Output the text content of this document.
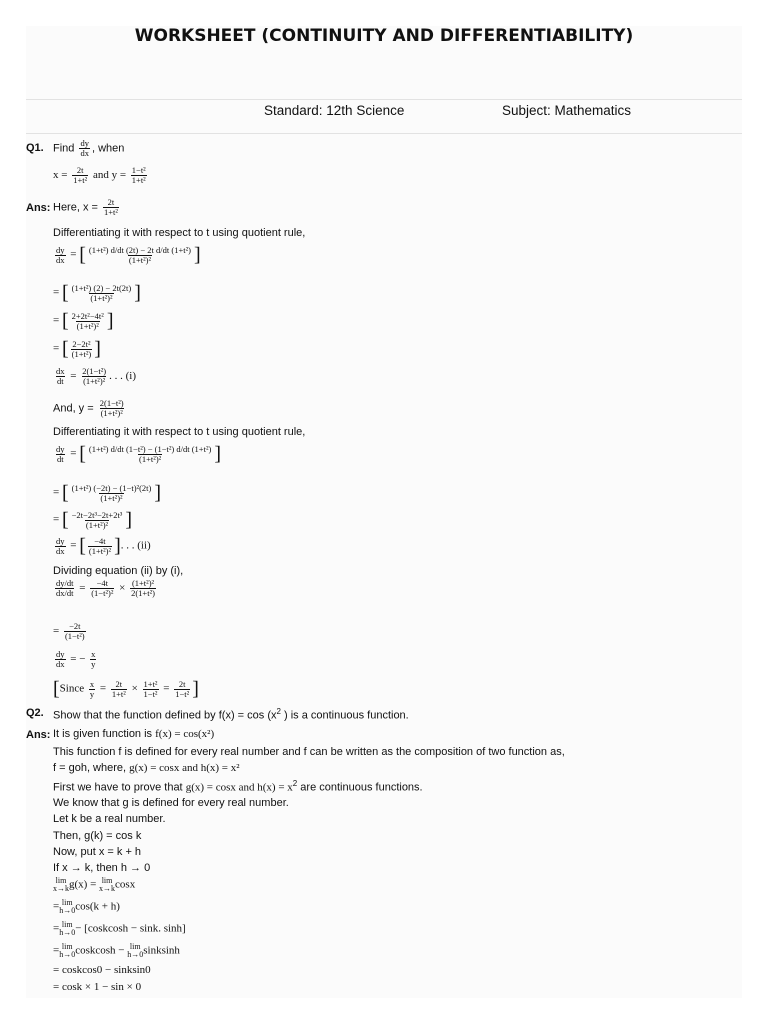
WORKSHEET (CONTINUITY AND DIFFERENTIABILITY)
Standard: 12th Science	Subject: Mathematics
Q1. Find $\frac{dy}{dx}$ , when
$x = \frac{2t}{\text{1+t²}}$ and $y = \frac{\text{1−t²}}{\text{1+t²}}$
Ans: Here, $x = \frac{2t}{\text{1+t²}}$
Differentiating it with respect to t using quotient rule,
$\frac{dy}{dx}$ = [ $\frac{\text{(1+t²) d/dt (2t) − 2t d/dt (1+t²)}}{\text{(1+t²)²}}$ ]
= [ $\frac{\text{(1+t²) (2) − 2t(2t)}}{\text{(1+t²)²}}$ ]
= [ $\frac{\text{2+2t²−4t²}}{\text{(1+t²)²}}$ ]
= [ $\frac{\text{2−2t²}}{\text{(1+t²)}}$ ]
$\frac{dx}{dt} = \frac{\text{2(1−t²)}}{\text{(1+t²)²}}$ . . . (i)
And, $y = \frac{\text{2(1−t²)}}{\text{(1+t²)²}}$
Differentiating it with respect to t using quotient rule,
$\frac{dy}{dt}$ = [ $\frac{\text{(1+t²) d/dt (1−t²) − (1−t²) d/dt (1+t²)}}{\text{(1+t²)²}}$ ]
= [ $\frac{\text{(1+t²) (−2t) − (1−t)²(2t)}}{\text{(1+t²)²}}$ ]
= [ $\frac{\text{−2t−2t³−2t+2t³}}{\text{(1+t²)²}}$ ]
$\frac{dy}{dx}$ = [ $\frac{-4t}{\text{(1+t²)²}}$ ]. . . (ii)
Dividing equation (ii) by (i),
$\frac{dy/dt}{dx/dt} = \frac{-4t}{\text{(1−t²)²}} \times \frac{\text{(1+t²)²}}{\text{2(1+t²)}}$
= $\frac{-2t}{\text{(1−t²)}}$
$\frac{dy}{dx}$ = − $\frac{x}{y}$
[Since $\frac{x}{y} = \frac{2t}{\text{1+t²}} \times \frac{\text{1+t²}}{\text{1−t²}} = \frac{2t}{\text{1−t²}}$ ]
Q2. Show that the function defined by $f(x) = \cos (x^2$ ) is a continuous function.
Ans: It is given function is f(x) = cos(x²)
This function f is defined for every real number and f can be written as the composition of two function as,
f = goh, where, g(x) = cosx and h(x) = x²
First we have to prove that g(x) = cosx and $h(x) = x^2$ are continuous functions.
We know that g is defined for every real number.
Let k be a real number.
Then, g(k) = cos k
Now, put x = k + h
If x → k, then h → 0
lim
x→k g(x) = lim
x→k cosx
= lim
h→0 cos(k + h)
= lim
h→0 − [coskcosh − sink. sinh]
= lim
h→0 coskcosh − lim
h→0 sinksinh
= coskcos0 − sinksin0
= cosk × 1 − sin × 0
